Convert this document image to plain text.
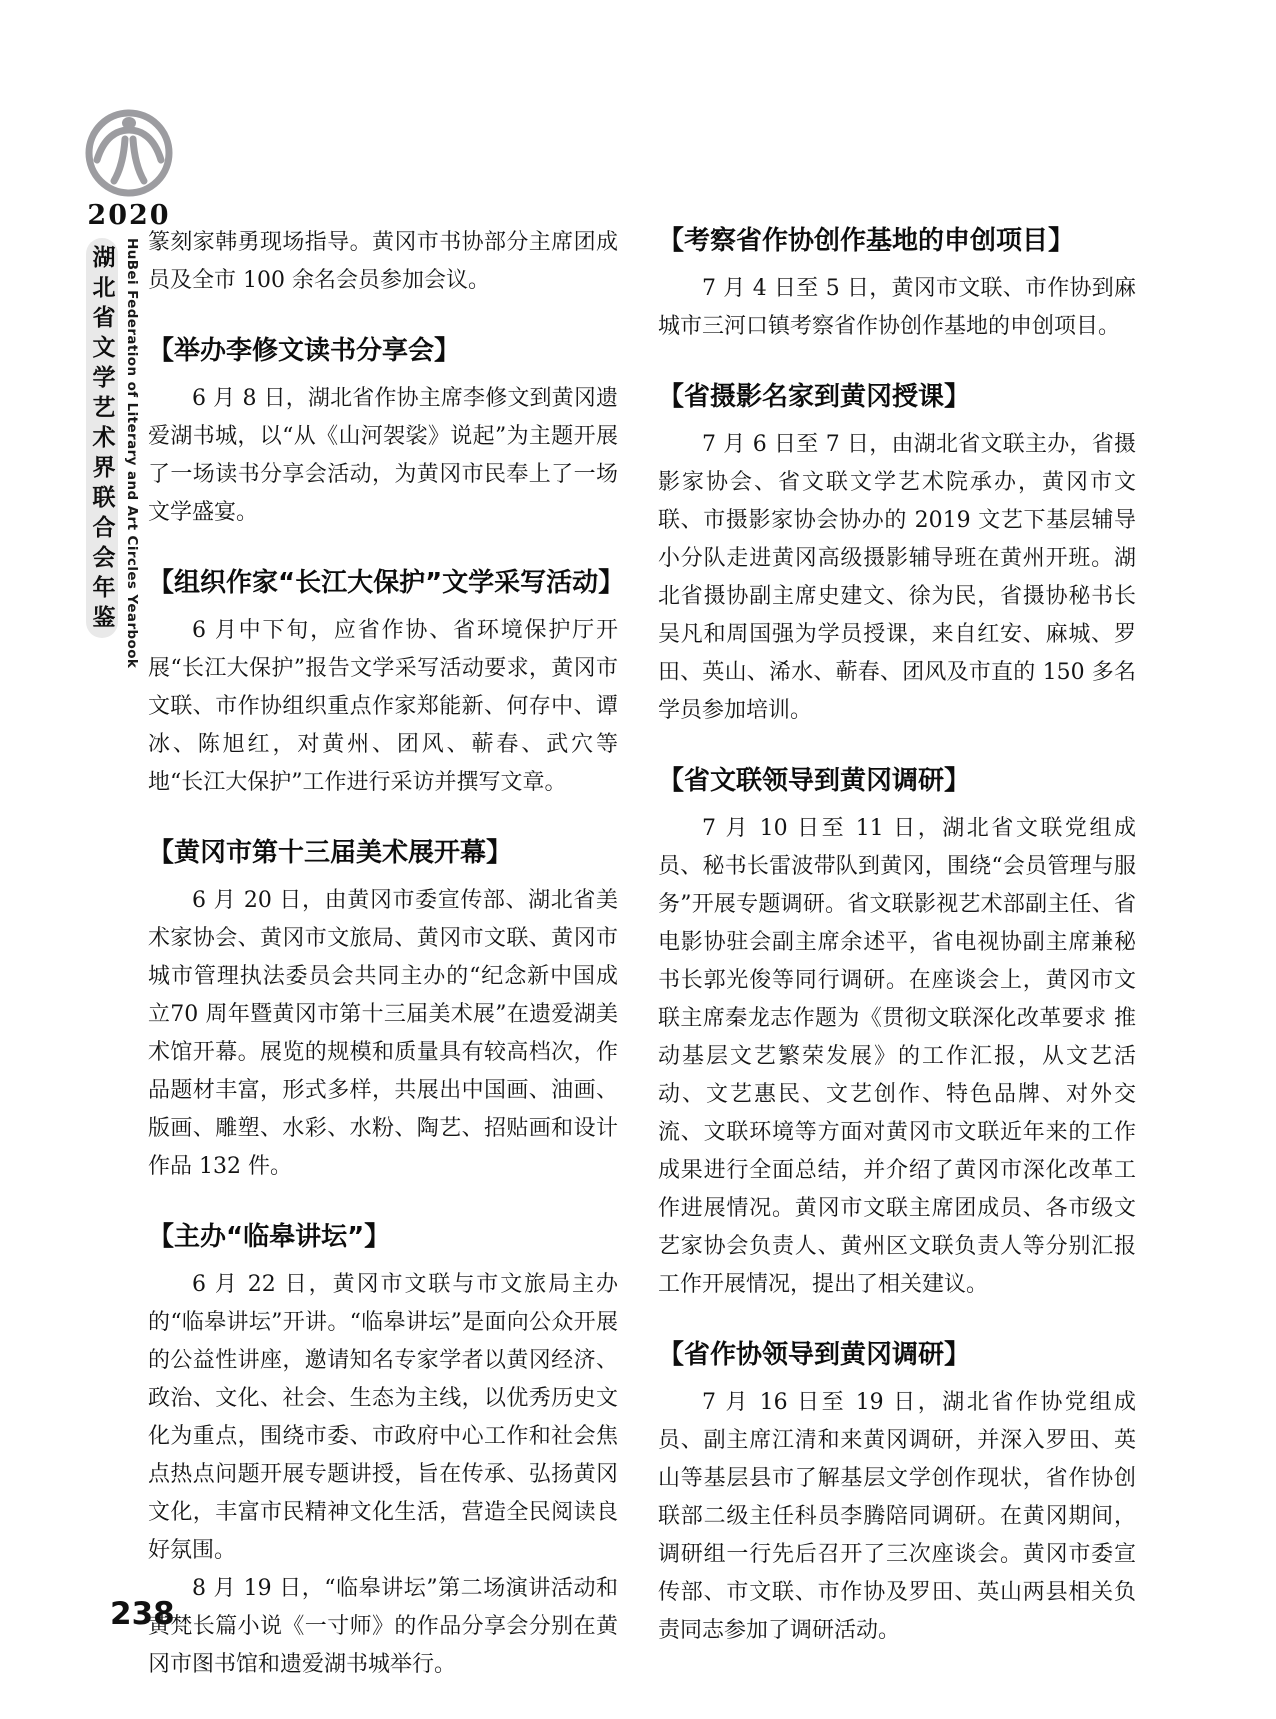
2020
湖北省文学艺术界联合会年鉴 HuBei Federation of Literary and Art Circles Yearbook 篆刻家韩勇现场指导。黄冈市书协部分主席团成员及全市 100 余名会员参加会议。
【举办李修文读书分享会】
6 月 8 日，湖北省作协主席李修文到黄冈遗爱湖书城，以“从《山河袈裟》说起”为主题开展了一场读书分享会活动，为黄冈市民奉上了一场文学盛宴。
【组织作家“长江大保护”文学采写活动】
6 月中下旬，应省作协、省环境保护厅开展“长江大保护”报告文学采写活动要求，黄冈市文联、市作协组织重点作家郑能新、何存中、谭冰、陈旭红，对黄州、团风、蕲春、武穴等地“长江大保护”工作进行采访并撰写文章。
【黄冈市第十三届美术展开幕】
6 月 20 日，由黄冈市委宣传部、湖北省美术家协会、黄冈市文旅局、黄冈市文联、黄冈市城市管理执法委员会共同主办的“纪念新中国成立70 周年暨黄冈市第十三届美术展”在遗爱湖美术馆开幕。展览的规模和质量具有较高档次，作品题材丰富，形式多样，共展出中国画、油画、版画、雕塑、水彩、水粉、陶艺、招贴画和设计作品 132 件。
【主办“临皋讲坛”】
6 月 22 日，黄冈市文联与市文旅局主办的“临皋讲坛”开讲。“临皋讲坛”是面向公众开展的公益性讲座，邀请知名专家学者以黄冈经济、政治、文化、社会、生态为主线，以优秀历史文化为重点，围绕市委、市政府中心工作和社会焦点热点问题开展专题讲授，旨在传承、弘扬黄冈文化，丰富市民精神文化生活，营造全民阅读良好氛围。
8 月 19 日，“临皋讲坛”第二场演讲活动和黄梵长篇小说《一寸师》的作品分享会分别在黄冈市图书馆和遗爱湖书城举行。
【考察省作协创作基地的申创项目】
7 月 4 日至 5 日，黄冈市文联、市作协到麻城市三河口镇考察省作协创作基地的申创项目。
【省摄影名家到黄冈授课】
7 月 6 日至 7 日，由湖北省文联主办，省摄影家协会、省文联文学艺术院承办，黄冈市文联、市摄影家协会协办的 2019 文艺下基层辅导小分队走进黄冈高级摄影辅导班在黄州开班。湖北省摄协副主席史建文、徐为民，省摄协秘书长吴凡和周国强为学员授课，来自红安、麻城、罗田、英山、浠水、蕲春、团风及市直的 150 多名学员参加培训。
【省文联领导到黄冈调研】
7 月 10 日至 11 日，湖北省文联党组成员、秘书长雷波带队到黄冈，围绕“会员管理与服务”开展专题调研。省文联影视艺术部副主任、省电影协驻会副主席余述平，省电视协副主席兼秘书长郭光俊等同行调研。在座谈会上，黄冈市文联主席秦龙志作题为《贯彻文联深化改革要求 推动基层文艺繁荣发展》的工作汇报，从文艺活动、文艺惠民、文艺创作、特色品牌、对外交流、文联环境等方面对黄冈市文联近年来的工作成果进行全面总结，并介绍了黄冈市深化改革工作进展情况。黄冈市文联主席团成员、各市级文艺家协会负责人、黄州区文联负责人等分别汇报工作开展情况，提出了相关建议。
【省作协领导到黄冈调研】
7 月 16 日至 19 日，湖北省作协党组成员、副主席江清和来黄冈调研，并深入罗田、英山等基层县市了解基层文学创作现状，省作协创联部二级主任科员李腾陪同调研。在黄冈期间，调研组一行先后召开了三次座谈会。黄冈市委宣传部、市文联、市作协及罗田、英山两县相关负责同志参加了调研活动。
238
